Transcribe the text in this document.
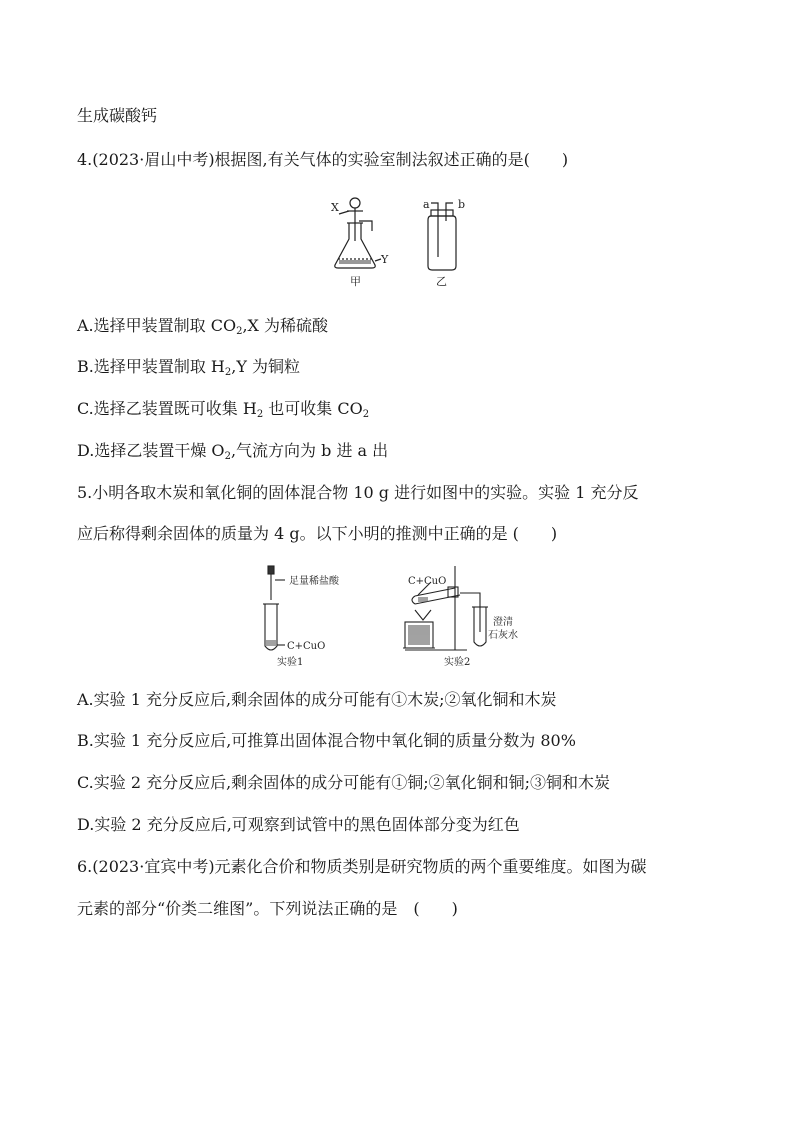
生成碳酸钙
4.(2023·眉山中考)根据图,有关气体的实验室制法叙述正确的是(　　)
X
Y
a	b
甲	乙
A.选择甲装置制取 $CO_2,X$ 为稀硫酸
B.选择甲装置制取 $H_2,Y$ 为铜粒
C.选择乙装置既可收集 $H_2$ 也可收集 $CO_2$
D.选择乙装置干燥 $O_2$,气流方向为 b 进 a 出
5.小明各取木炭和氧化铜的固体混合物 10 g 进行如图中的实验。实验 1 充分反
应后称得剩余固体的质量为 4 g。以下小明的推测中正确的是 (　　)
足量稀盐酸
C+CuO
实验1
C+CuO
澄清
石灰水
实验2
A.实验 1 充分反应后,剩余固体的成分可能有①木炭;②氧化铜和木炭
B.实验 1 充分反应后,可推算出固体混合物中氧化铜的质量分数为 80%
C.实验 2 充分反应后,剩余固体的成分可能有①铜;②氧化铜和铜;③铜和木炭
D.实验 2 充分反应后,可观察到试管中的黑色固体部分变为红色
6.(2023·宜宾中考)元素化合价和物质类别是研究物质的两个重要维度。如图为碳
元素的部分“价类二维图”。下列说法正确的是　(　　)
